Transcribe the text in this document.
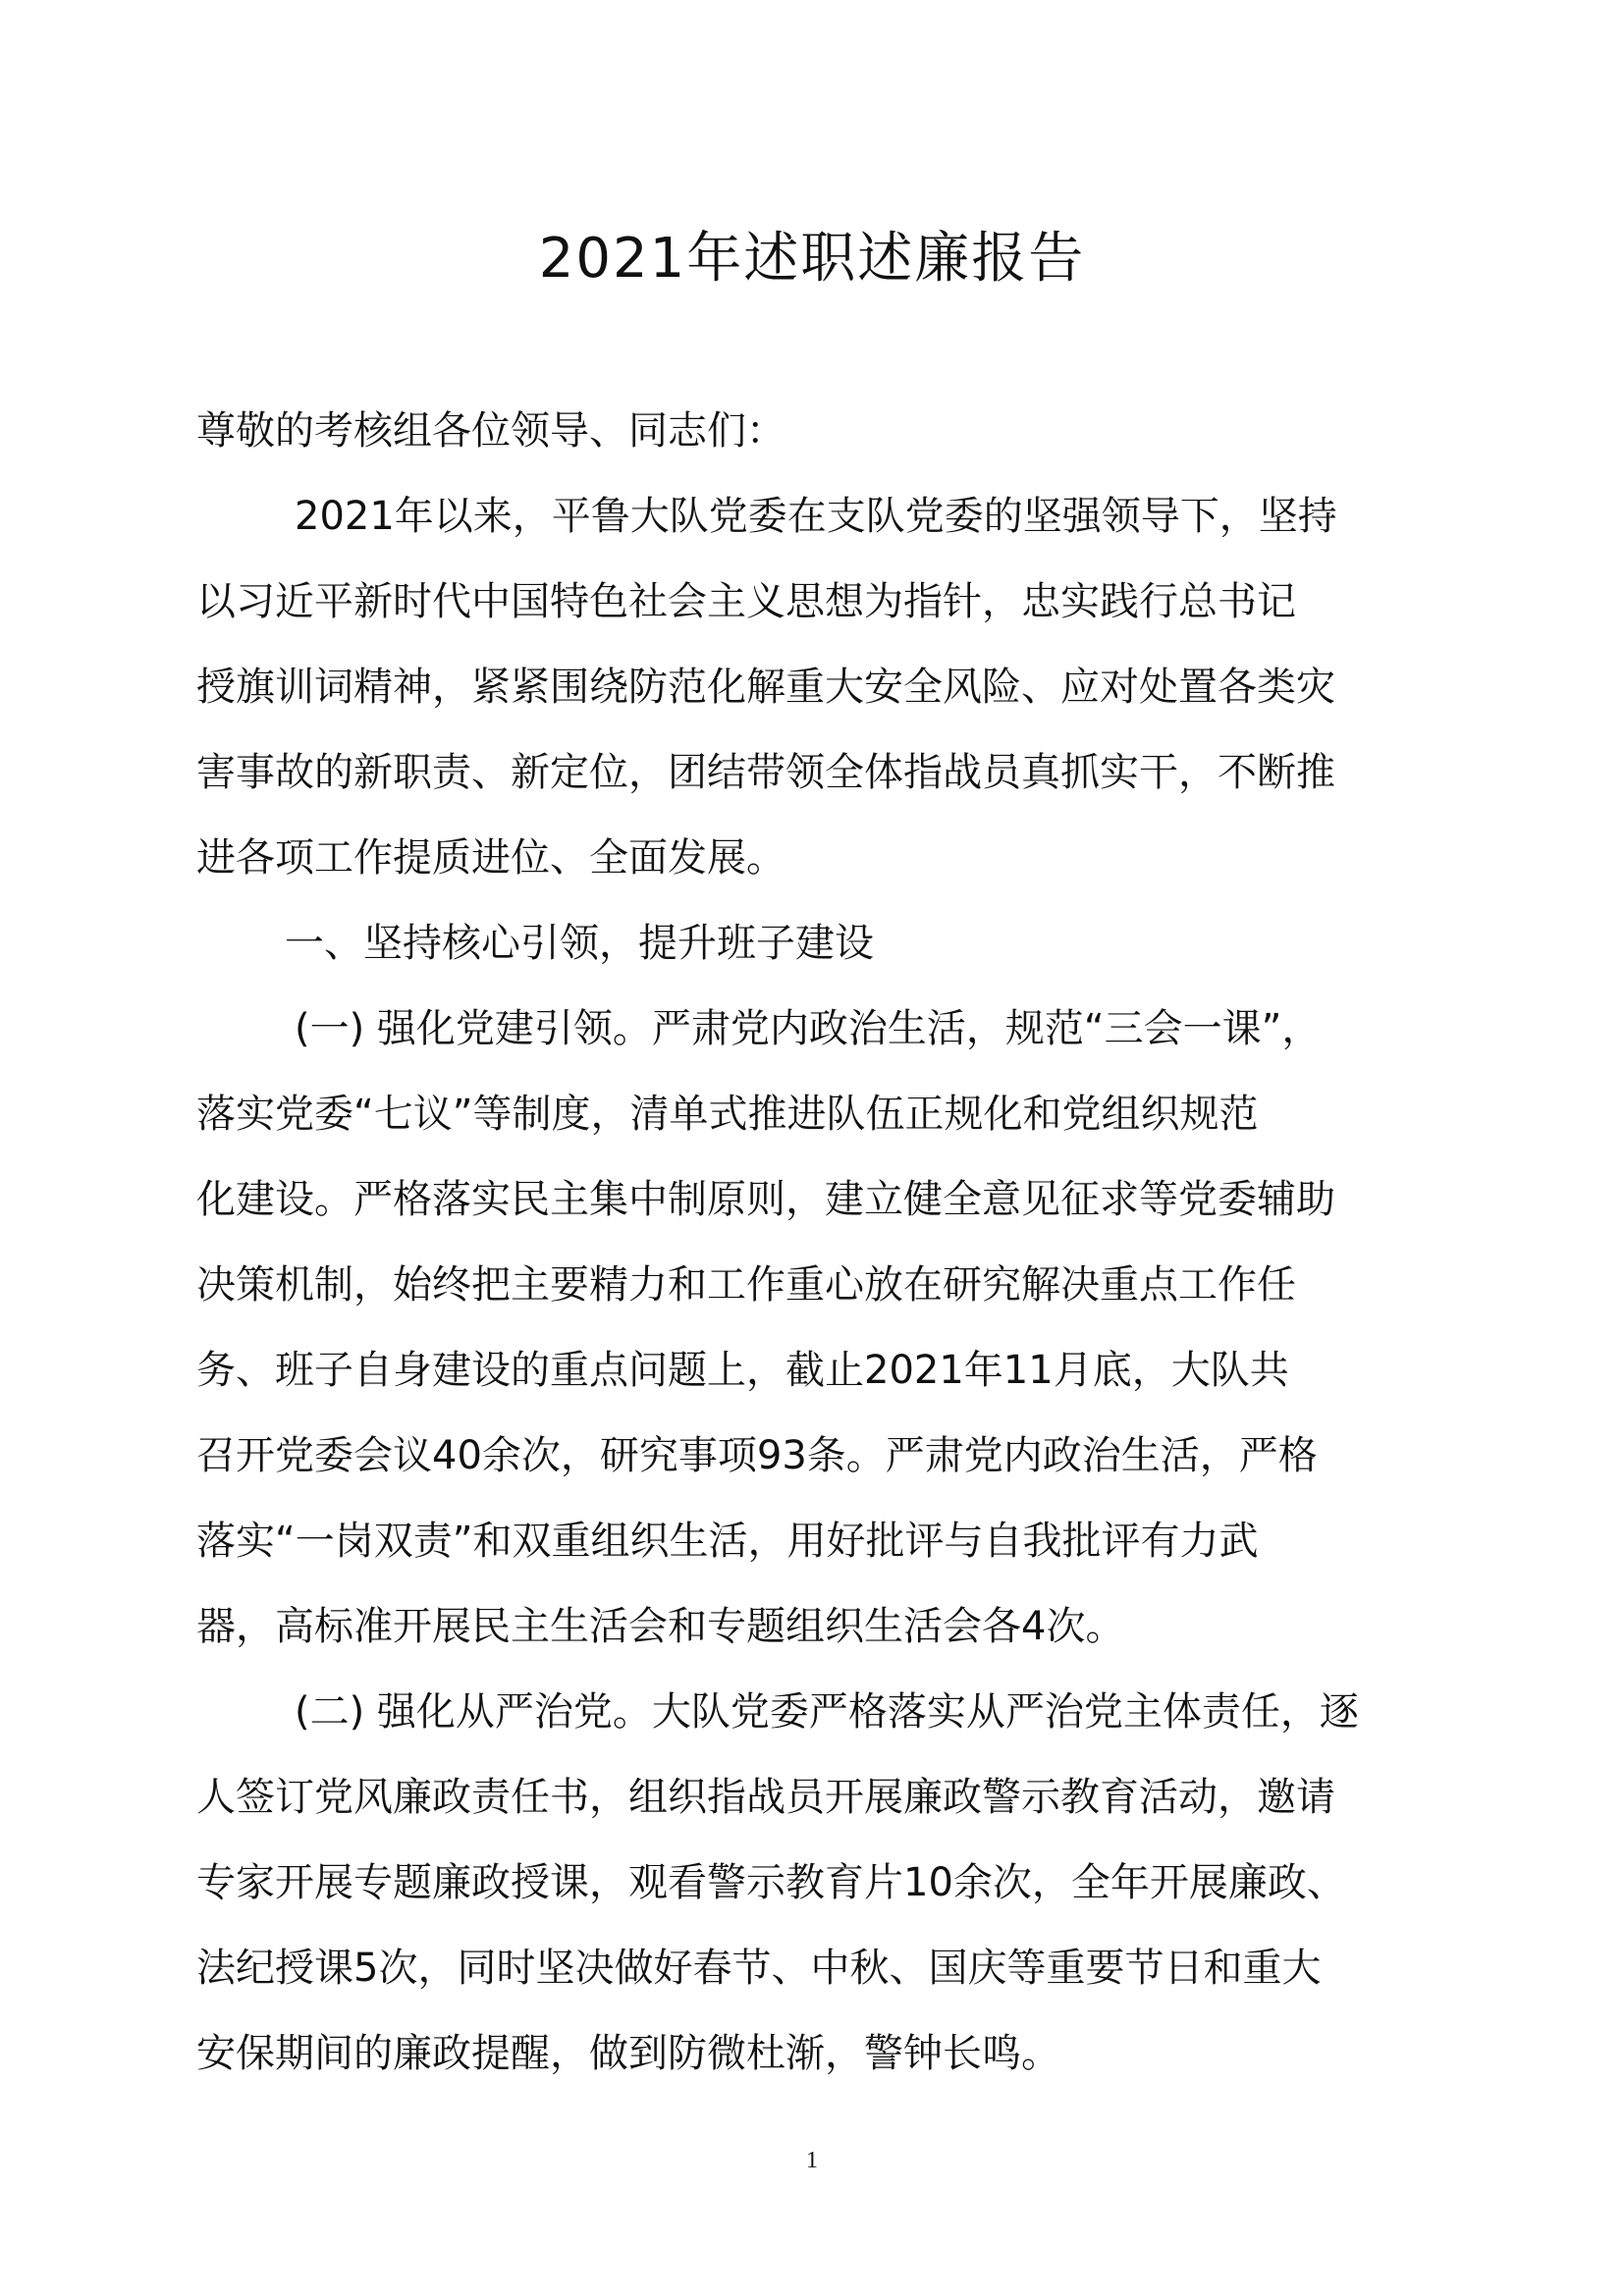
2021年述职述廉报告
尊敬的考核组各位领导、同志们：
2021年以来，平鲁大队党委在支队党委的坚强领导下，坚持
以习近平新时代中国特色社会主义思想为指针，忠实践行总书记
授旗训词精神，紧紧围绕防范化解重大安全风险、应对处置各类灾
害事故的新职责、新定位，团结带领全体指战员真抓实干，不断推
进各项工作提质进位、全面发展。
一、坚持核心引领，提升班子建设
(一) 强化党建引领。严肃党内政治生活，规范“三会一课”，
落实党委“七议”等制度，清单式推进队伍正规化和党组织规范
化建设。严格落实民主集中制原则，建立健全意见征求等党委辅助
决策机制，始终把主要精力和工作重心放在研究解决重点工作任
务、班子自身建设的重点问题上，截止2021年11月底，大队共
召开党委会议40余次，研究事项93条。严肃党内政治生活，严格
落实“一岗双责”和双重组织生活，用好批评与自我批评有力武
器，高标准开展民主生活会和专题组织生活会各4次。
(二) 强化从严治党。大队党委严格落实从严治党主体责任，逐
人签订党风廉政责任书，组织指战员开展廉政警示教育活动，邀请
专家开展专题廉政授课，观看警示教育片10余次，全年开展廉政、
法纪授课5次，同时坚决做好春节、中秋、国庆等重要节日和重大
安保期间的廉政提醒，做到防微杜渐，警钟长鸣。
1
